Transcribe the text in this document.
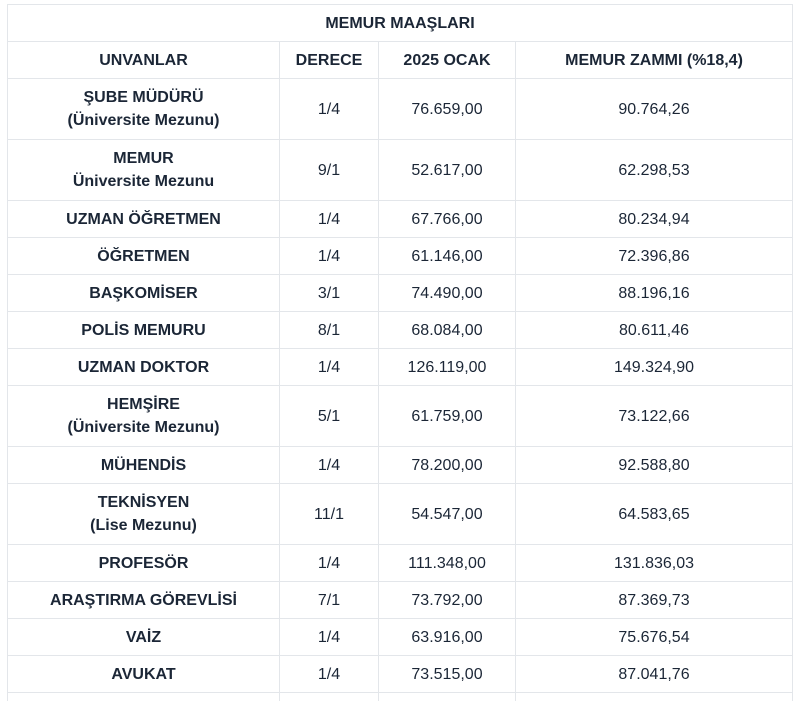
MEMUR MAAŞLARI			
UNVANLAR	DERECE	2025 OCAK	MEMUR ZAMMI (%18,4)

ŞUBE MÜDÜRÜ
(Üniversite Mezunu)	1/4	76.659,00	90.764,26

MEMUR
Üniversite Mezunu	9/1	52.617,00	62.298,53

UZMAN ÖĞRETMEN	1/4	67.766,00	80.234,94

ÖĞRETMEN	1/4	61.146,00	72.396,86

BAŞKOMİSER	3/1	74.490,00	88.196,16

POLİS MEMURU	8/1	68.084,00	80.611,46

UZMAN DOKTOR	1/4	126.119,00	149.324,90

HEMŞİRE
(Üniversite Mezunu)	5/1	61.759,00	73.122,66

MÜHENDİS	1/4	78.200,00	92.588,80

TEKNİSYEN
(Lise Mezunu)	11/1	54.547,00	64.583,65

PROFESÖR	1/4	111.348,00	131.836,03

ARAŞTIRMA GÖREVLİSİ	7/1	73.792,00	87.369,73

VAİZ	1/4	63.916,00	75.676,54

AVUKAT	1/4	73.515,00	87.041,76
